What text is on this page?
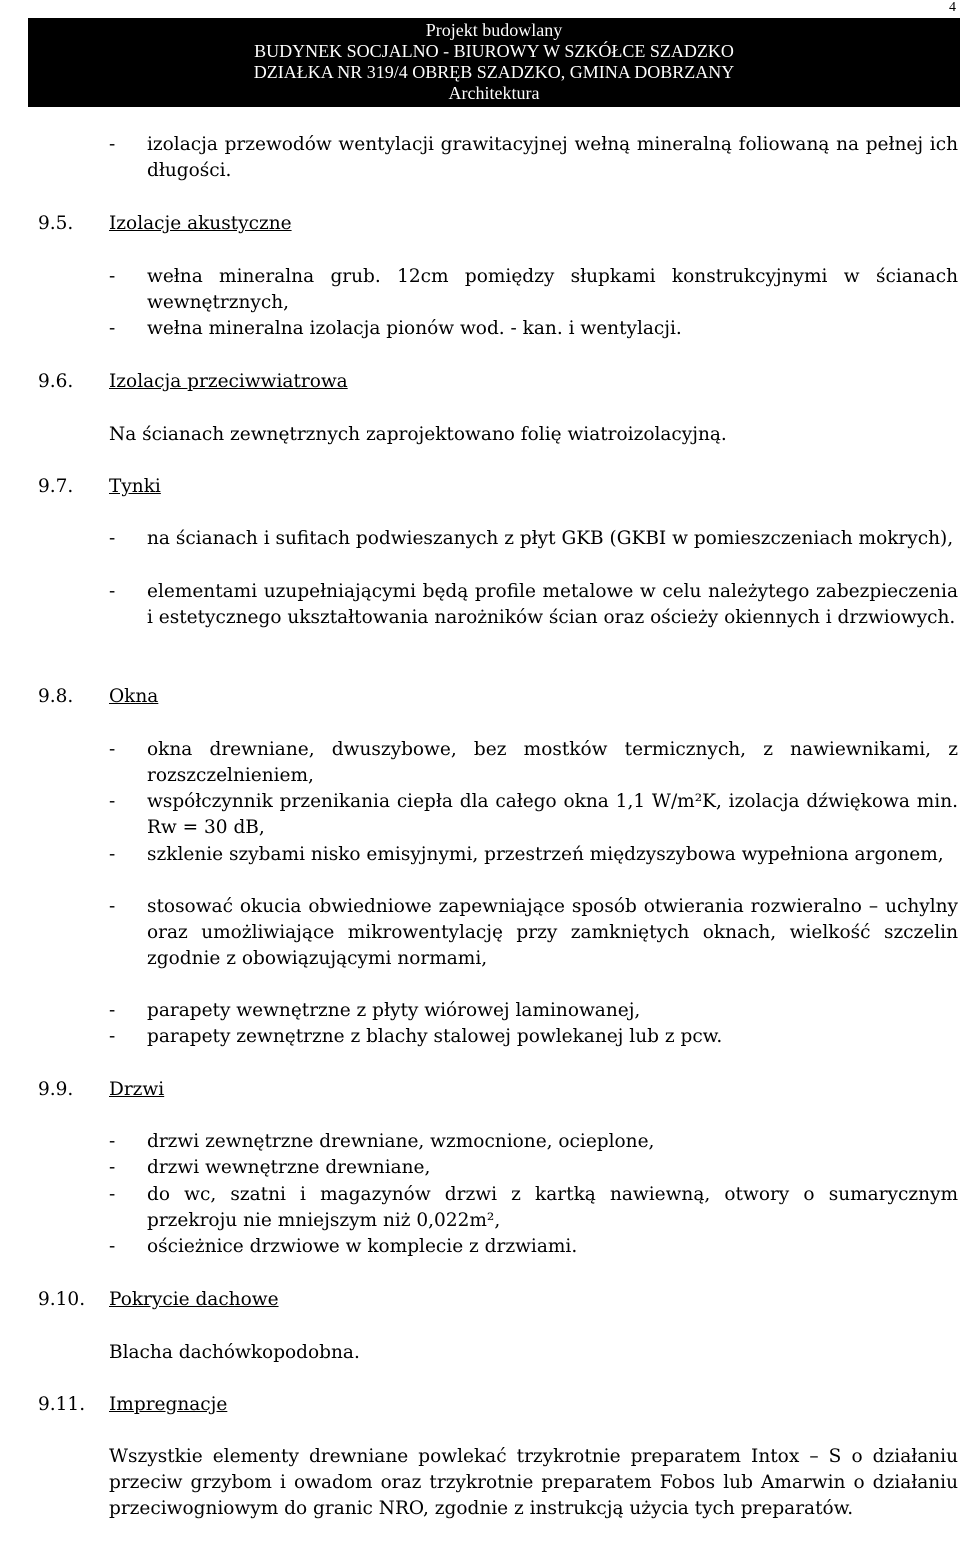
4
Projekt budowlany
BUDYNEK SOCJALNO - BIUROWY W SZKÓŁCE SZADZKO
DZIAŁKA NR 319/4 OBRĘB SZADZKO, GMINA DOBRZANY
Architektura
- izolacja przewodów wentylacji grawitacyjnej wełną mineralną foliowaną na pełnej ich długości.
9.5. Izolacje akustyczne
- wełna mineralna grub. 12cm pomiędzy słupkami konstrukcyjnymi w ścianach wewnętrznych,
- wełna mineralna izolacja pionów wod. - kan. i wentylacji.
9.6. Izolacja przeciwwiatrowa
Na ścianach zewnętrznych zaprojektowano folię wiatroizolacyjną.
9.7. Tynki
- na ścianach i sufitach podwieszanych z płyt GKB (GKBI w pomieszczeniach mokrych),
- elementami uzupełniającymi będą profile metalowe w celu należytego zabezpieczenia i estetycznego ukształtowania narożników ścian oraz ościeży okiennych i drzwiowych.
9.8. Okna
- okna drewniane, dwuszybowe, bez mostków termicznych, z nawiewnikami, z rozszczelnieniem,
- współczynnik przenikania ciepła dla całego okna 1,1 W/m²K, izolacja dźwiękowa min. Rw = 30 dB,
- szklenie szybami nisko emisyjnymi, przestrzeń międzyszybowa wypełniona argonem,
- stosować okucia obwiedniowe zapewniające sposób otwierania rozwieralno – uchylny oraz umożliwiające mikrowentylację przy zamkniętych oknach, wielkość szczelin zgodnie z obowiązującymi normami,
- parapety wewnętrzne z płyty wiórowej laminowanej,
- parapety zewnętrzne z blachy stalowej powlekanej lub z pcw.
9.9. Drzwi
- drzwi zewnętrzne drewniane, wzmocnione, ocieplone,
- drzwi wewnętrzne drewniane,
- do wc, szatni i magazynów drzwi z kartką nawiewną, otwory o sumarycznym przekroju nie mniejszym niż 0,022m²,
- ościeżnice drzwiowe w komplecie z drzwiami.
9.10. Pokrycie dachowe
Blacha dachówkopodobna.
9.11. Impregnacje
Wszystkie elementy drewniane powlekać trzykrotnie preparatem Intox – S o działaniu przeciw grzybom i owadom oraz trzykrotnie preparatem Fobos lub Amarwin o działaniu przeciwogniowym do granic NRO, zgodnie z instrukcją użycia tych preparatów.
